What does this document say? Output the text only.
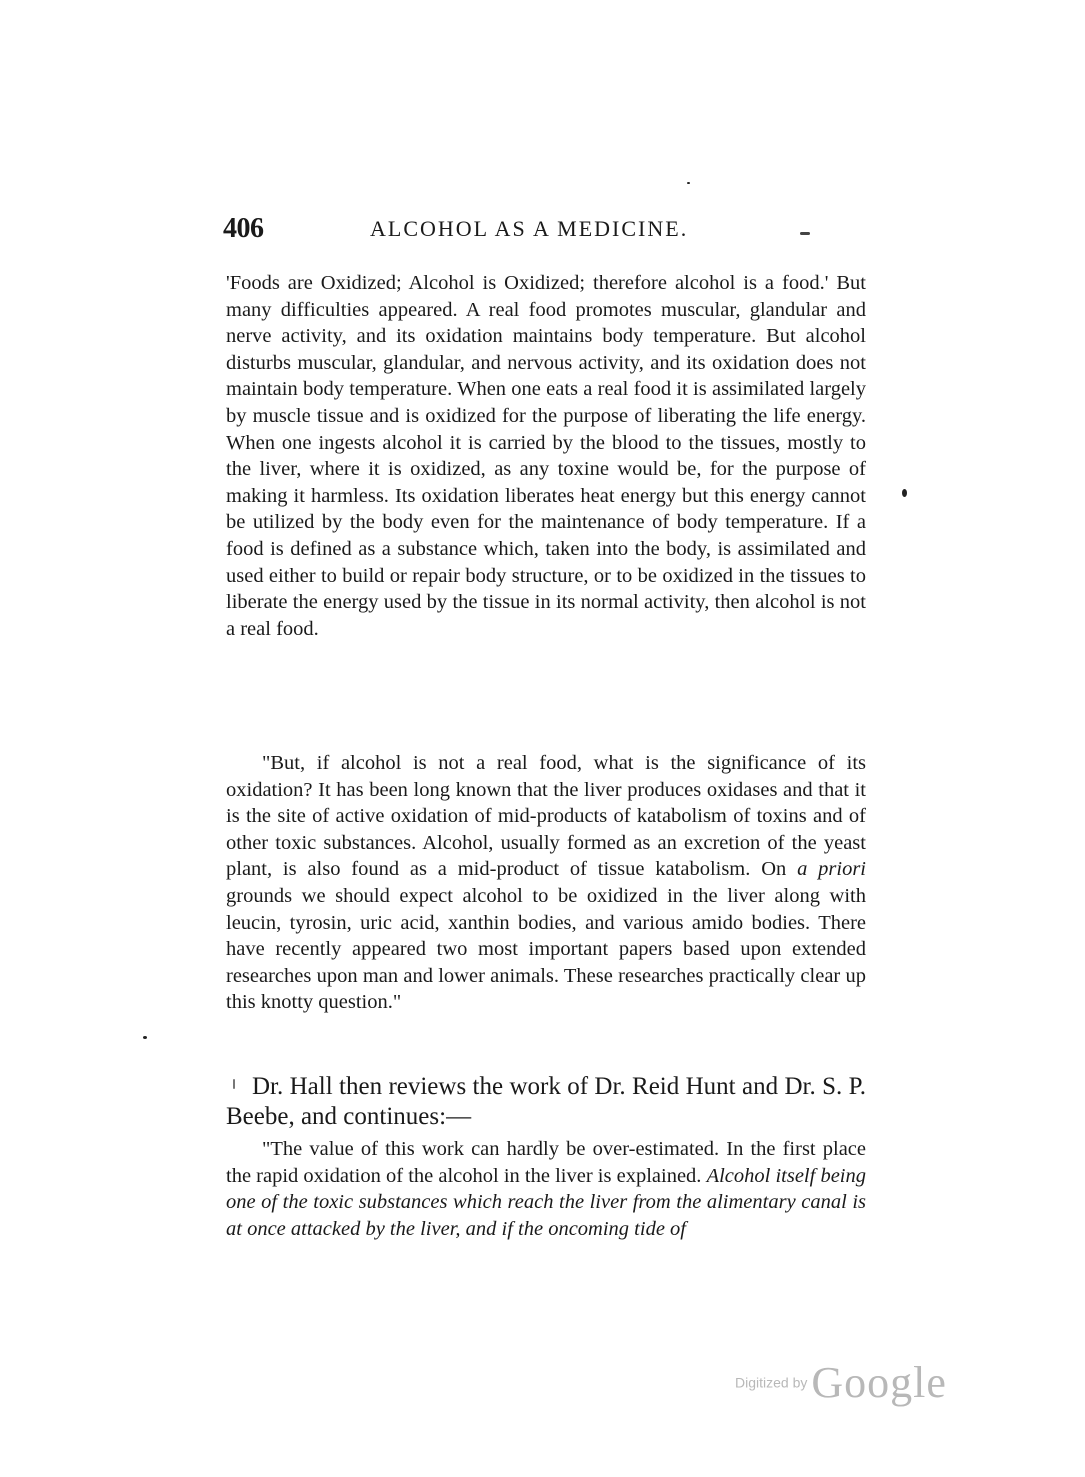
406	ALCOHOL AS A MEDICINE.

'Foods are Oxidized; Alcohol is Oxidized; therefore alcohol is a food.' But many difficulties appeared. A real food promotes muscular, glandular and nerve activity, and its oxidation maintains body temperature. But alcohol disturbs muscular, glandular, and nervous activity, and its oxidation does not maintain body temperature. When one eats a real food it is assimilated largely by muscle tissue and is oxidized for the purpose of liberating the life energy. When one ingests alcohol it is carried by the blood to the tissues, mostly to the liver, where it is oxidized, as any toxine would be, for the purpose of making it harmless. Its oxidation liberates heat energy but this energy cannot be utilized by the body even for the maintenance of body temperature. If a food is defined as a substance which, taken into the body, is assimilated and used either to build or repair body structure, or to be oxidized in the tissues to liberate the energy used by the tissue in its normal activity, then alcohol is not a real food.

"But, if alcohol is not a real food, what is the significance of its oxidation? It has been long known that the liver produces oxidases and that it is the site of active oxidation of mid-products of katabolism of toxins and of other toxic substances. Alcohol, usually formed as an excretion of the yeast plant, is also found as a mid-product of tissue katabolism. On a priori grounds we should expect alcohol to be oxidized in the liver along with leucin, tyrosin, uric acid, xanthin bodies, and various amido bodies. There have recently appeared two most important papers based upon extended researches upon man and lower animals. These researches practically clear up this knotty question."

Dr. Hall then reviews the work of Dr. Reid Hunt and Dr. S. P. Beebe, and continues:—

"The value of this work can hardly be over-estimated. In the first place the rapid oxidation of the alcohol in the liver is explained. Alcohol itself being one of the toxic substances which reach the liver from the alimentary canal is at once attacked by the liver, and if the oncoming tide of

Digitized by Google
